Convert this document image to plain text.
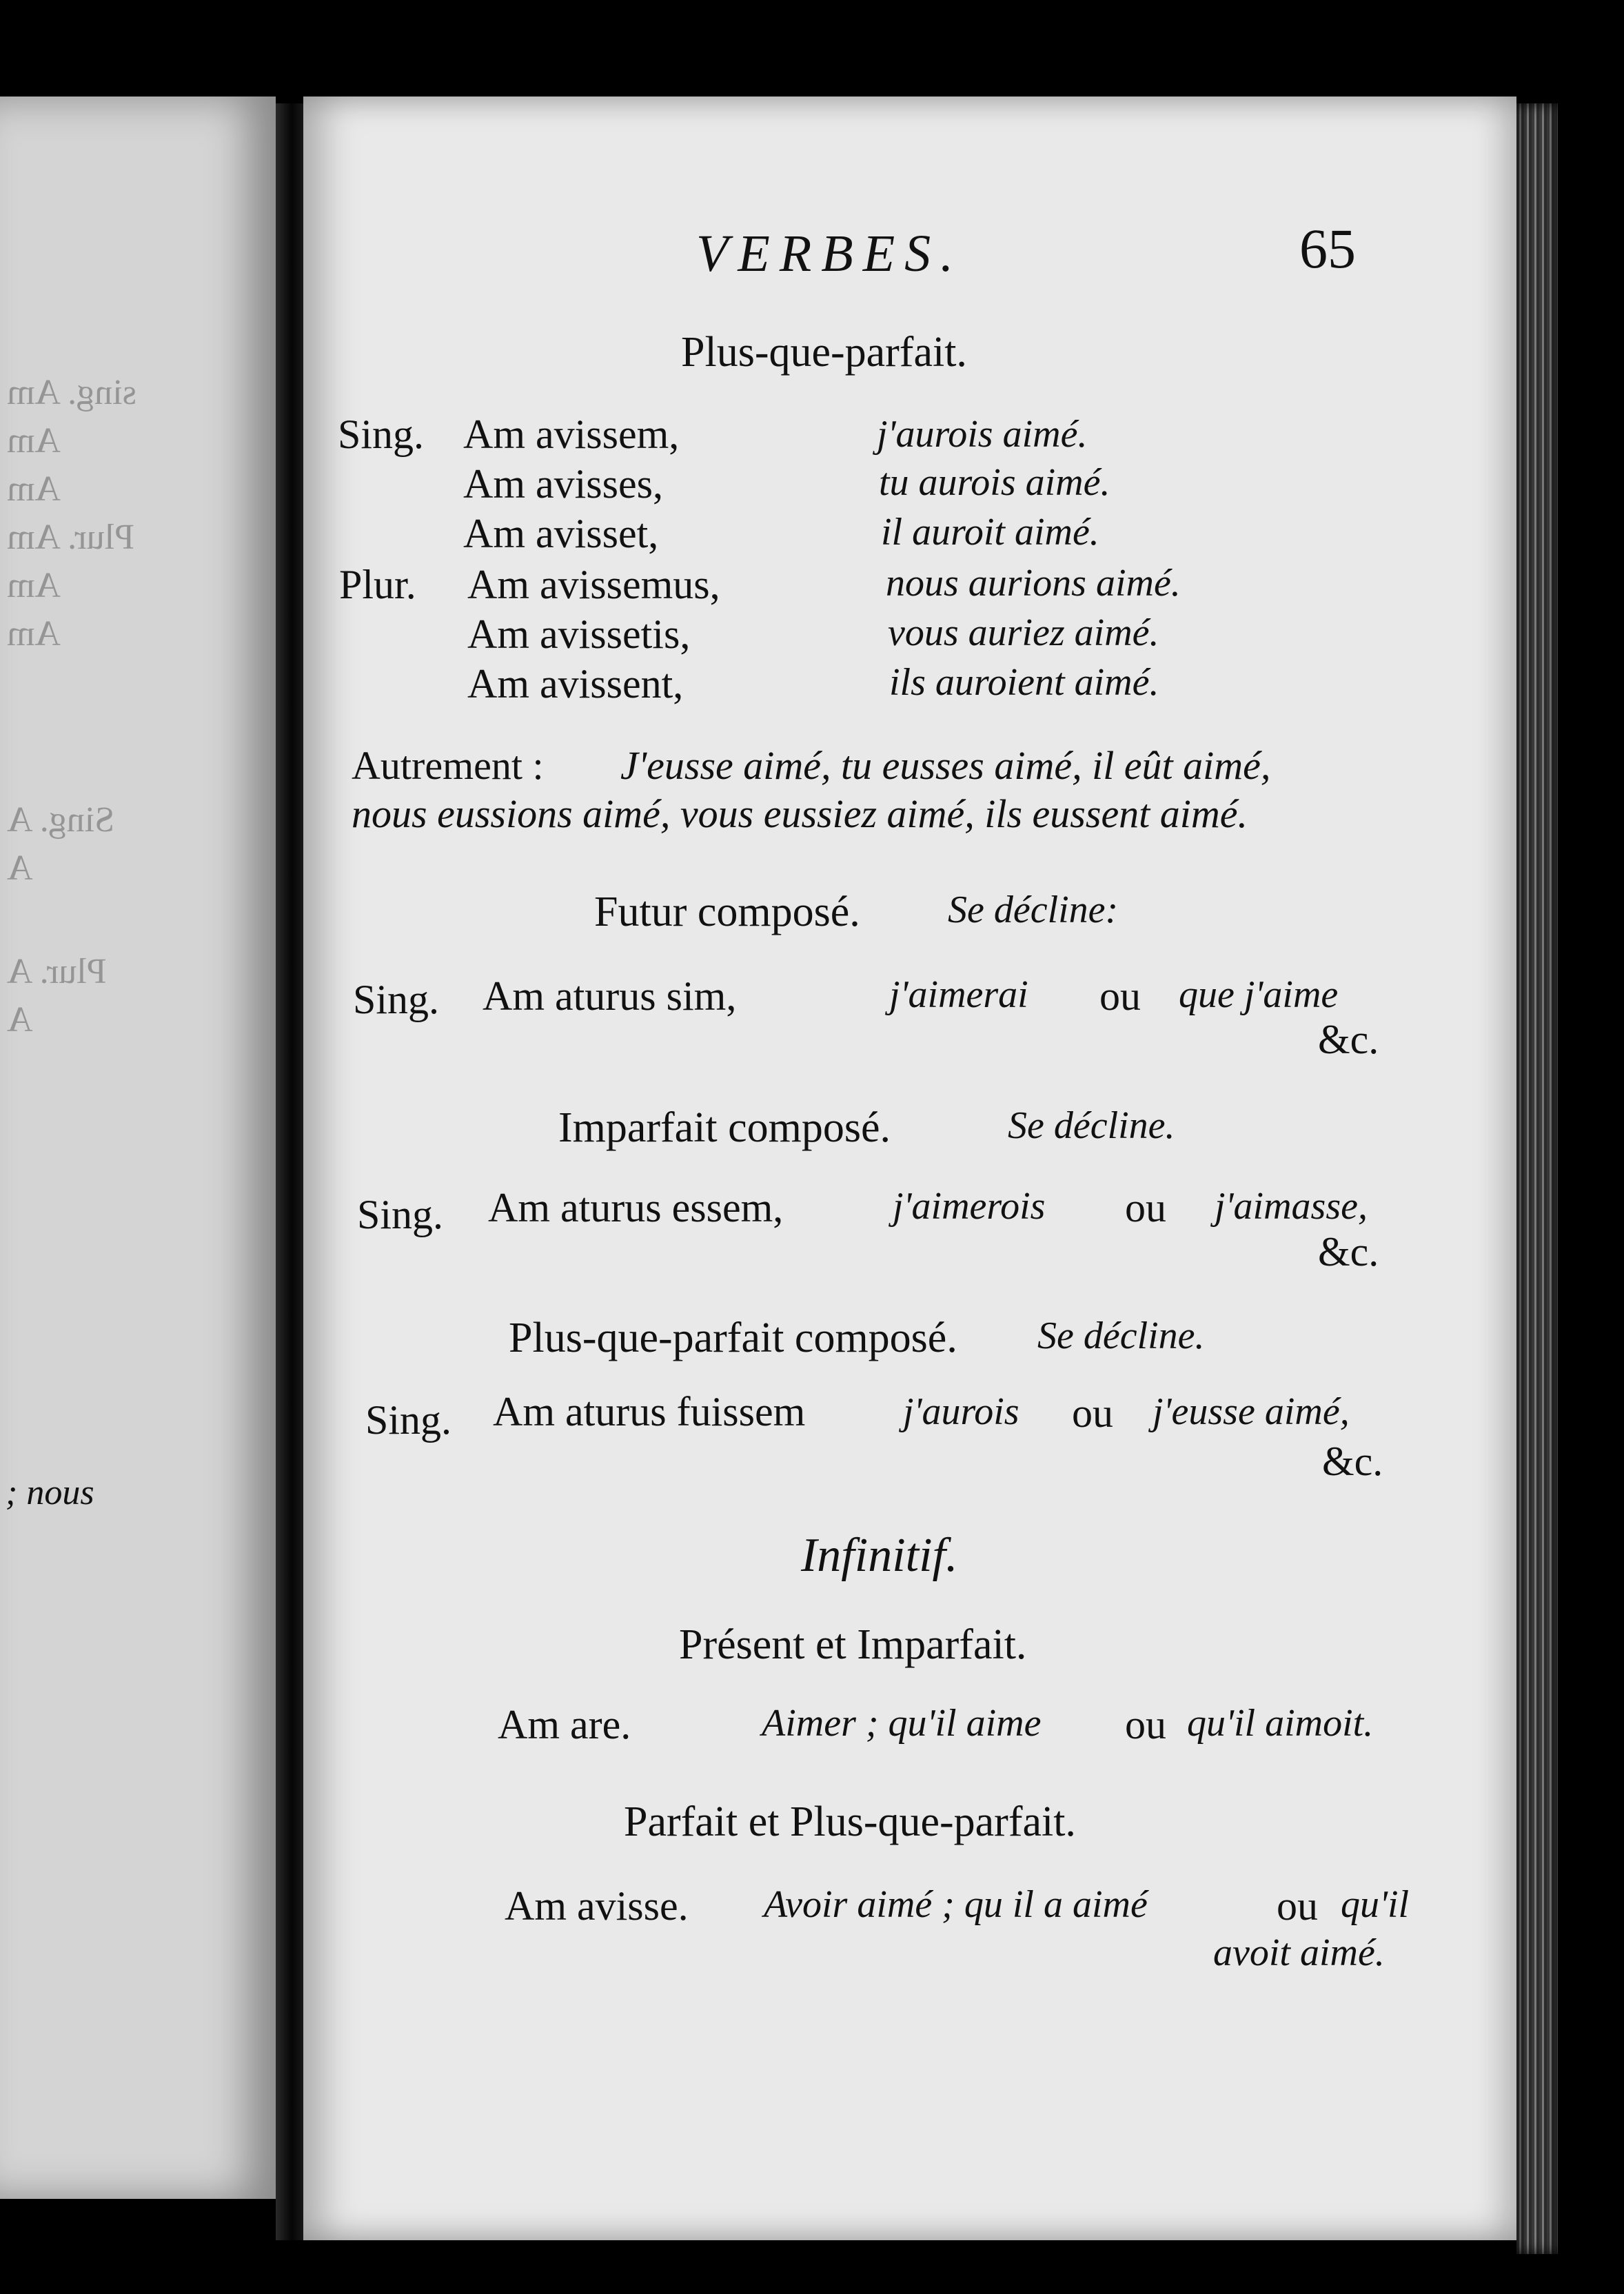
sing. Am
Am
Am
Plur. Am
Am
Am
Sing. A
A
Plur. A
A
; nous
VERBES.	65
Plus-que-parfait.
Sing. Am avissem,	j'aurois aimé.
Am avisses,	tu aurois aimé.
Am avisset,	il auroit aimé.
Plur. Am avissemus,	nous aurions aimé.
Am avissetis,	vous auriez aimé.
Am avissent,	ils auroient aimé.
Autrement : J'eusse aimé, tu eusses aimé, il eût aimé,
nous eussions aimé, vous eussiez aimé, ils eussent aimé.
Futur composé. Se décline:
Sing. Am aturus sim,	j'aimerai ou que j'aime
&c.
Imparfait composé.	Se décline.
Sing. Am aturus essem,	j'aimerois ou j'aimasse,
&c.
Plus-que-parfait composé. Se décline.
Sing. Am aturus fuissem	j'aurois ou j'eusse aimé,
&c.
Infinitif.
Présent et Imparfait.
Am are.	Aimer ; qu'il aime ou qu'il aimoit.
Parfait et Plus-que-parfait.
Am avisse. Avoir aimé ; qu il a aimé	ou qu'il
avoit aimé.
